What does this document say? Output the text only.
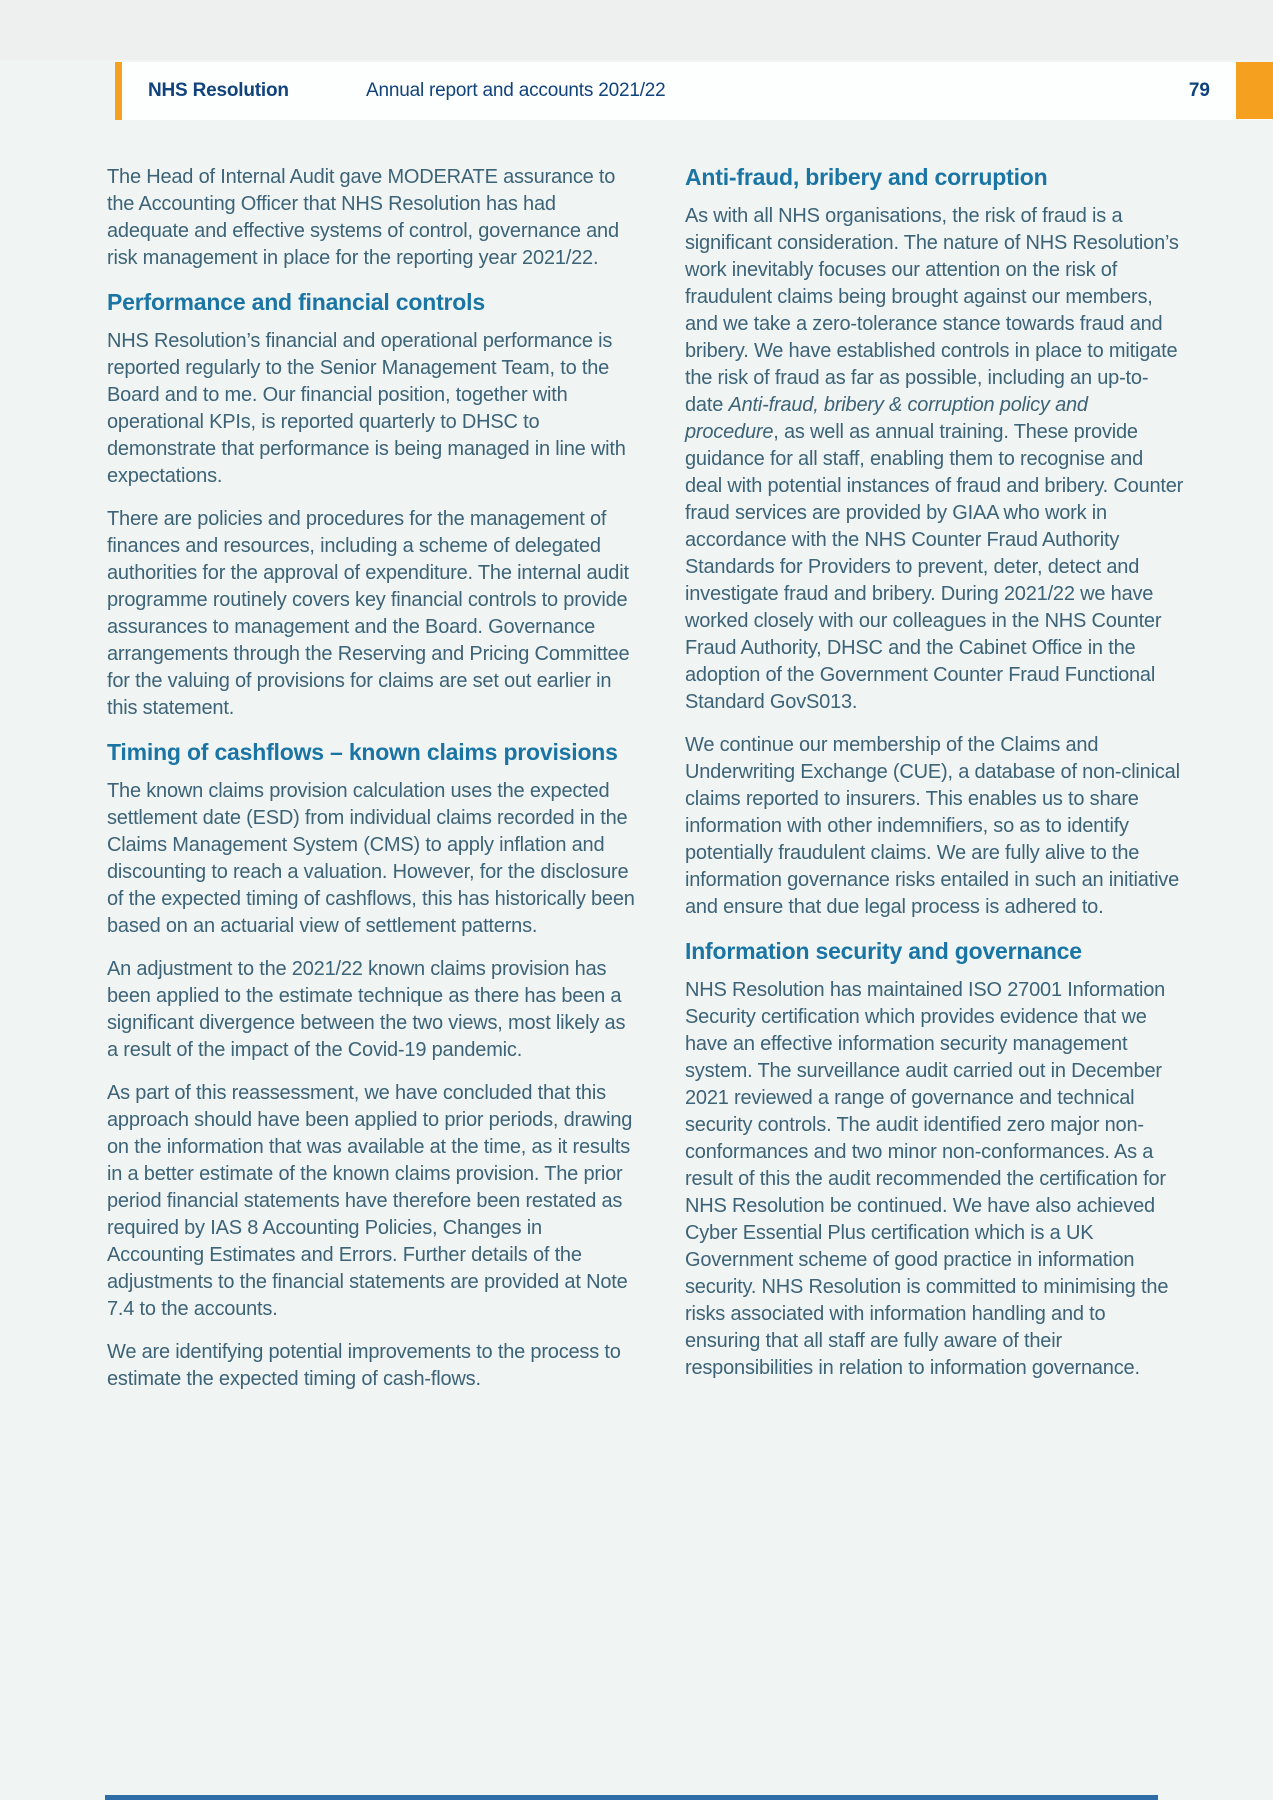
NHS Resolution	Annual report and accounts 2021/22	79

The Head of Internal Audit gave MODERATE assurance to the Accounting Officer that NHS Resolution has had adequate and effective systems of control, governance and risk management in place for the reporting year 2021/22.

Performance and financial controls

NHS Resolution’s financial and operational performance is reported regularly to the Senior Management Team, to the Board and to me. Our financial position, together with operational KPIs, is reported quarterly to DHSC to demonstrate that performance is being managed in line with expectations.

There are policies and procedures for the management of finances and resources, including a scheme of delegated authorities for the approval of expenditure. The internal audit programme routinely covers key financial controls to provide assurances to management and the Board. Governance arrangements through the Reserving and Pricing Committee for the valuing of provisions for claims are set out earlier in this statement.

Timing of cashflows – known claims provisions

The known claims provision calculation uses the expected settlement date (ESD) from individual claims recorded in the Claims Management System (CMS) to apply inflation and discounting to reach a valuation. However, for the disclosure of the expected timing of cashflows, this has historically been based on an actuarial view of settlement patterns.

An adjustment to the 2021/22 known claims provision has been applied to the estimate technique as there has been a significant divergence between the two views, most likely as a result of the impact of the Covid-19 pandemic.

As part of this reassessment, we have concluded that this approach should have been applied to prior periods, drawing on the information that was available at the time, as it results in a better estimate of the known claims provision. The prior period financial statements have therefore been restated as required by IAS 8 Accounting Policies, Changes in Accounting Estimates and Errors. Further details of the adjustments to the financial statements are provided at Note 7.4 to the accounts.

We are identifying potential improvements to the process to estimate the expected timing of cash-flows.

Anti-fraud, bribery and corruption

As with all NHS organisations, the risk of fraud is a significant consideration. The nature of NHS Resolution’s work inevitably focuses our attention on the risk of fraudulent claims being brought against our members, and we take a zero-tolerance stance towards fraud and bribery. We have established controls in place to mitigate the risk of fraud as far as possible, including an up-to-date Anti-fraud, bribery & corruption policy and procedure, as well as annual training. These provide guidance for all staff, enabling them to recognise and deal with potential instances of fraud and bribery. Counter fraud services are provided by GIAA who work in accordance with the NHS Counter Fraud Authority Standards for Providers to prevent, deter, detect and investigate fraud and bribery. During 2021/22 we have worked closely with our colleagues in the NHS Counter Fraud Authority, DHSC and the Cabinet Office in the adoption of the Government Counter Fraud Functional Standard GovS013.

We continue our membership of the Claims and Underwriting Exchange (CUE), a database of non-clinical claims reported to insurers. This enables us to share information with other indemnifiers, so as to identify potentially fraudulent claims. We are fully alive to the information governance risks entailed in such an initiative and ensure that due legal process is adhered to.

Information security and governance

NHS Resolution has maintained ISO 27001 Information Security certification which provides evidence that we have an effective information security management system. The surveillance audit carried out in December 2021 reviewed a range of governance and technical security controls. The audit identified zero major non-conformances and two minor non-conformances. As a result of this the audit recommended the certification for NHS Resolution be continued. We have also achieved Cyber Essential Plus certification which is a UK Government scheme of good practice in information security. NHS Resolution is committed to minimising the risks associated with information handling and to ensuring that all staff are fully aware of their responsibilities in relation to information governance.
